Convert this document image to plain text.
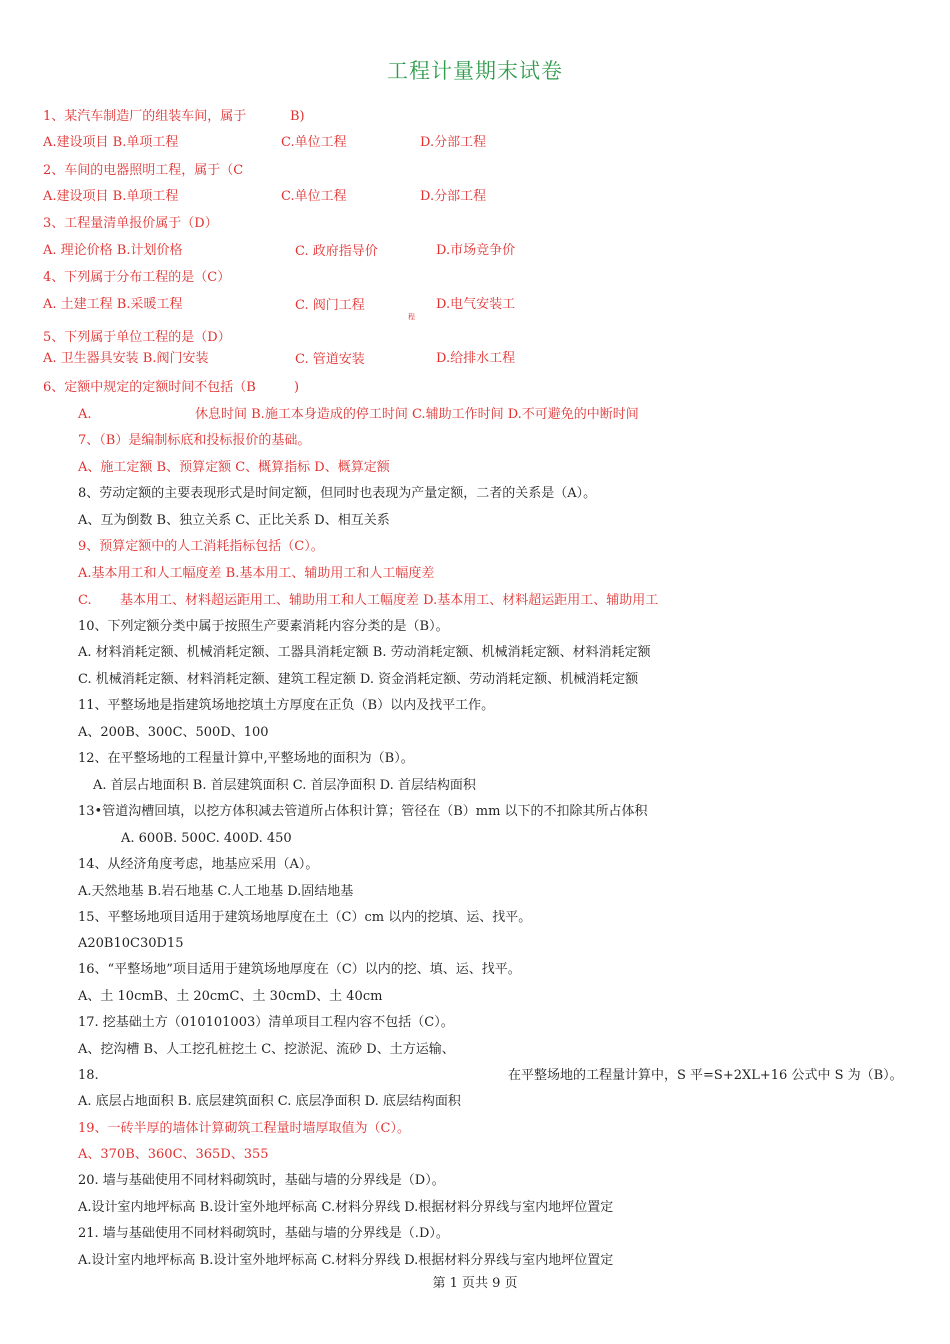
工程计量期末试卷
1、某汽车制造厂的组装车间，属于	B)
A.建设项目 B.单项工程	C.单位工程	D.分部工程
2、车间的电器照明工程，属于（C
A.建设项目 B.单项工程	C.单位工程	D.分部工程
3、工程量清单报价属于（D）
A. 理论价格 B.计划价格	C. 政府指导价	D.市场竞争价
4、下列属于分布工程的是（C）
A. 土建工程 B.采暖工程	C. 阀门工程	D.电气安装工
程
5、下列属于单位工程的是（D）
A. 卫生器具安装 B.阀门安装	C. 管道安装	D.给排水工程
6、定额中规定的定额时间不包括（B	)
A.	休息时间 B.施工本身造成的停工时间 C.辅助工作时间 D.不可避免的中断时间
7、（B）是编制标底和投标报价的基础。
A、施工定额 B、预算定额 C、概算指标 D、概算定额
8、劳动定额的主要表现形式是时间定额，但同时也表现为产量定额，二者的关系是（A）。
A、互为倒数 B、独立关系 C、正比关系 D、相互关系
9、预算定额中的人工消耗指标包括（C）。
A.基本用工和人工幅度差 B.基本用工、辅助用工和人工幅度差
C. 基本用工、材料超运距用工、辅助用工和人工幅度差 D.基本用工、材料超运距用工、辅助用工
10、下列定额分类中属于按照生产要素消耗内容分类的是（B）。
A. 材料消耗定额、机械消耗定额、工器具消耗定额 B. 劳动消耗定额、机械消耗定额、材料消耗定额
C. 机械消耗定额、材料消耗定额、建筑工程定额 D. 资金消耗定额、劳动消耗定额、机械消耗定额
11、平整场地是指建筑场地挖填土方厚度在正负（B）以内及找平工作。
A、200B、300C、500D、100
12、在平整场地的工程量计算中,平整场地的面积为（B）。
A. 首层占地面积 B. 首层建筑面积 C. 首层净面积 D. 首层结构面积
13•管道沟槽回填，以挖方体积减去管道所占体积计算；管径在（B）mm 以下的不扣除其所占体积
A. 600B. 500C. 400D. 450
14、从经济角度考虑，地基应采用（A）。
A.天然地基 B.岩石地基 C.人工地基 D.固结地基
15、平整场地项目适用于建筑场地厚度在土（C）cm 以内的挖填、运、找平。
A20B10C30D15
16、“平整场地”项目适用于建筑场地厚度在（C）以内的挖、填、运、找平。
A、土 10cmB、土 20cmC、土 30cmD、土 40cm
17. 挖基础土方（010101003）清单项目工程内容不包括（C）。
A、挖沟槽 B、人工挖孔桩挖土 C、挖淤泥、流砂 D、土方运输、
18.	在平整场地的工程量计算中，S 平=S+2XL+16 公式中 S 为（B）。
A. 底层占地面积 B. 底层建筑面积 C. 底层净面积 D. 底层结构面积
19、一砖半厚的墙体计算砌筑工程量时墙厚取值为（C）。
A、370B、360C、365D、355
20. 墙与基础使用不同材料砌筑时，基础与墙的分界线是（D）。
A.设计室内地坪标高 B.设计室外地坪标高 C.材料分界线 D.根据材料分界线与室内地坪位置定
21. 墙与基础使用不同材料砌筑时，基础与墙的分界线是（.D）。
A.设计室内地坪标高 B.设计室外地坪标高 C.材料分界线 D.根据材料分界线与室内地坪位置定
第 1 页共 9 页
